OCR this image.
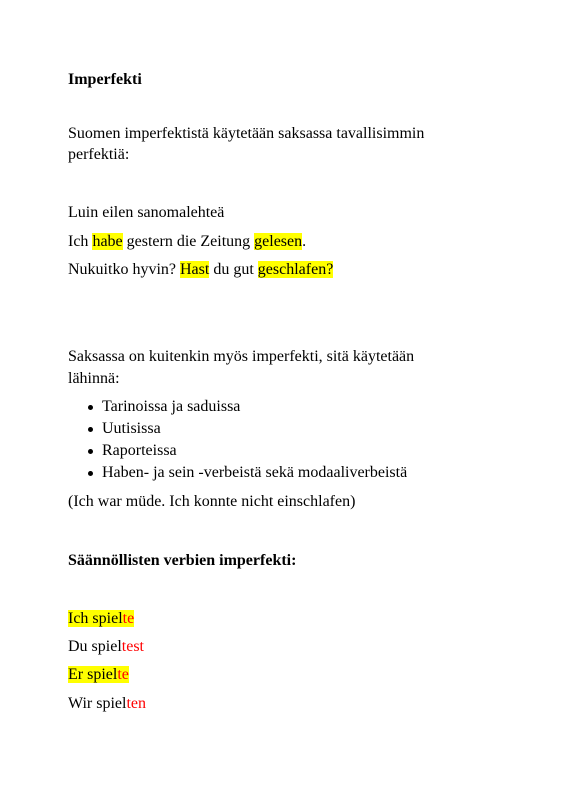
Imperfekti
Suomen imperfektistä käytetään saksassa tavallisimmin
perfektiä:
Luin eilen sanomalehteä
Ich habe gestern die Zeitung gelesen.
Nukuitko hyvin? Hast du gut geschlafen?
Saksassa on kuitenkin myös imperfekti, sitä käytetään
lähinnä:
Tarinoissa ja saduissa
Uutisissa
Raporteissa
Haben- ja sein -verbeistä sekä modaaliverbeistä
(Ich war müde. Ich konnte nicht einschlafen)
Säännöllisten verbien imperfekti:
Ich spielte
Du spieltest
Er spielte
Wir spielten
